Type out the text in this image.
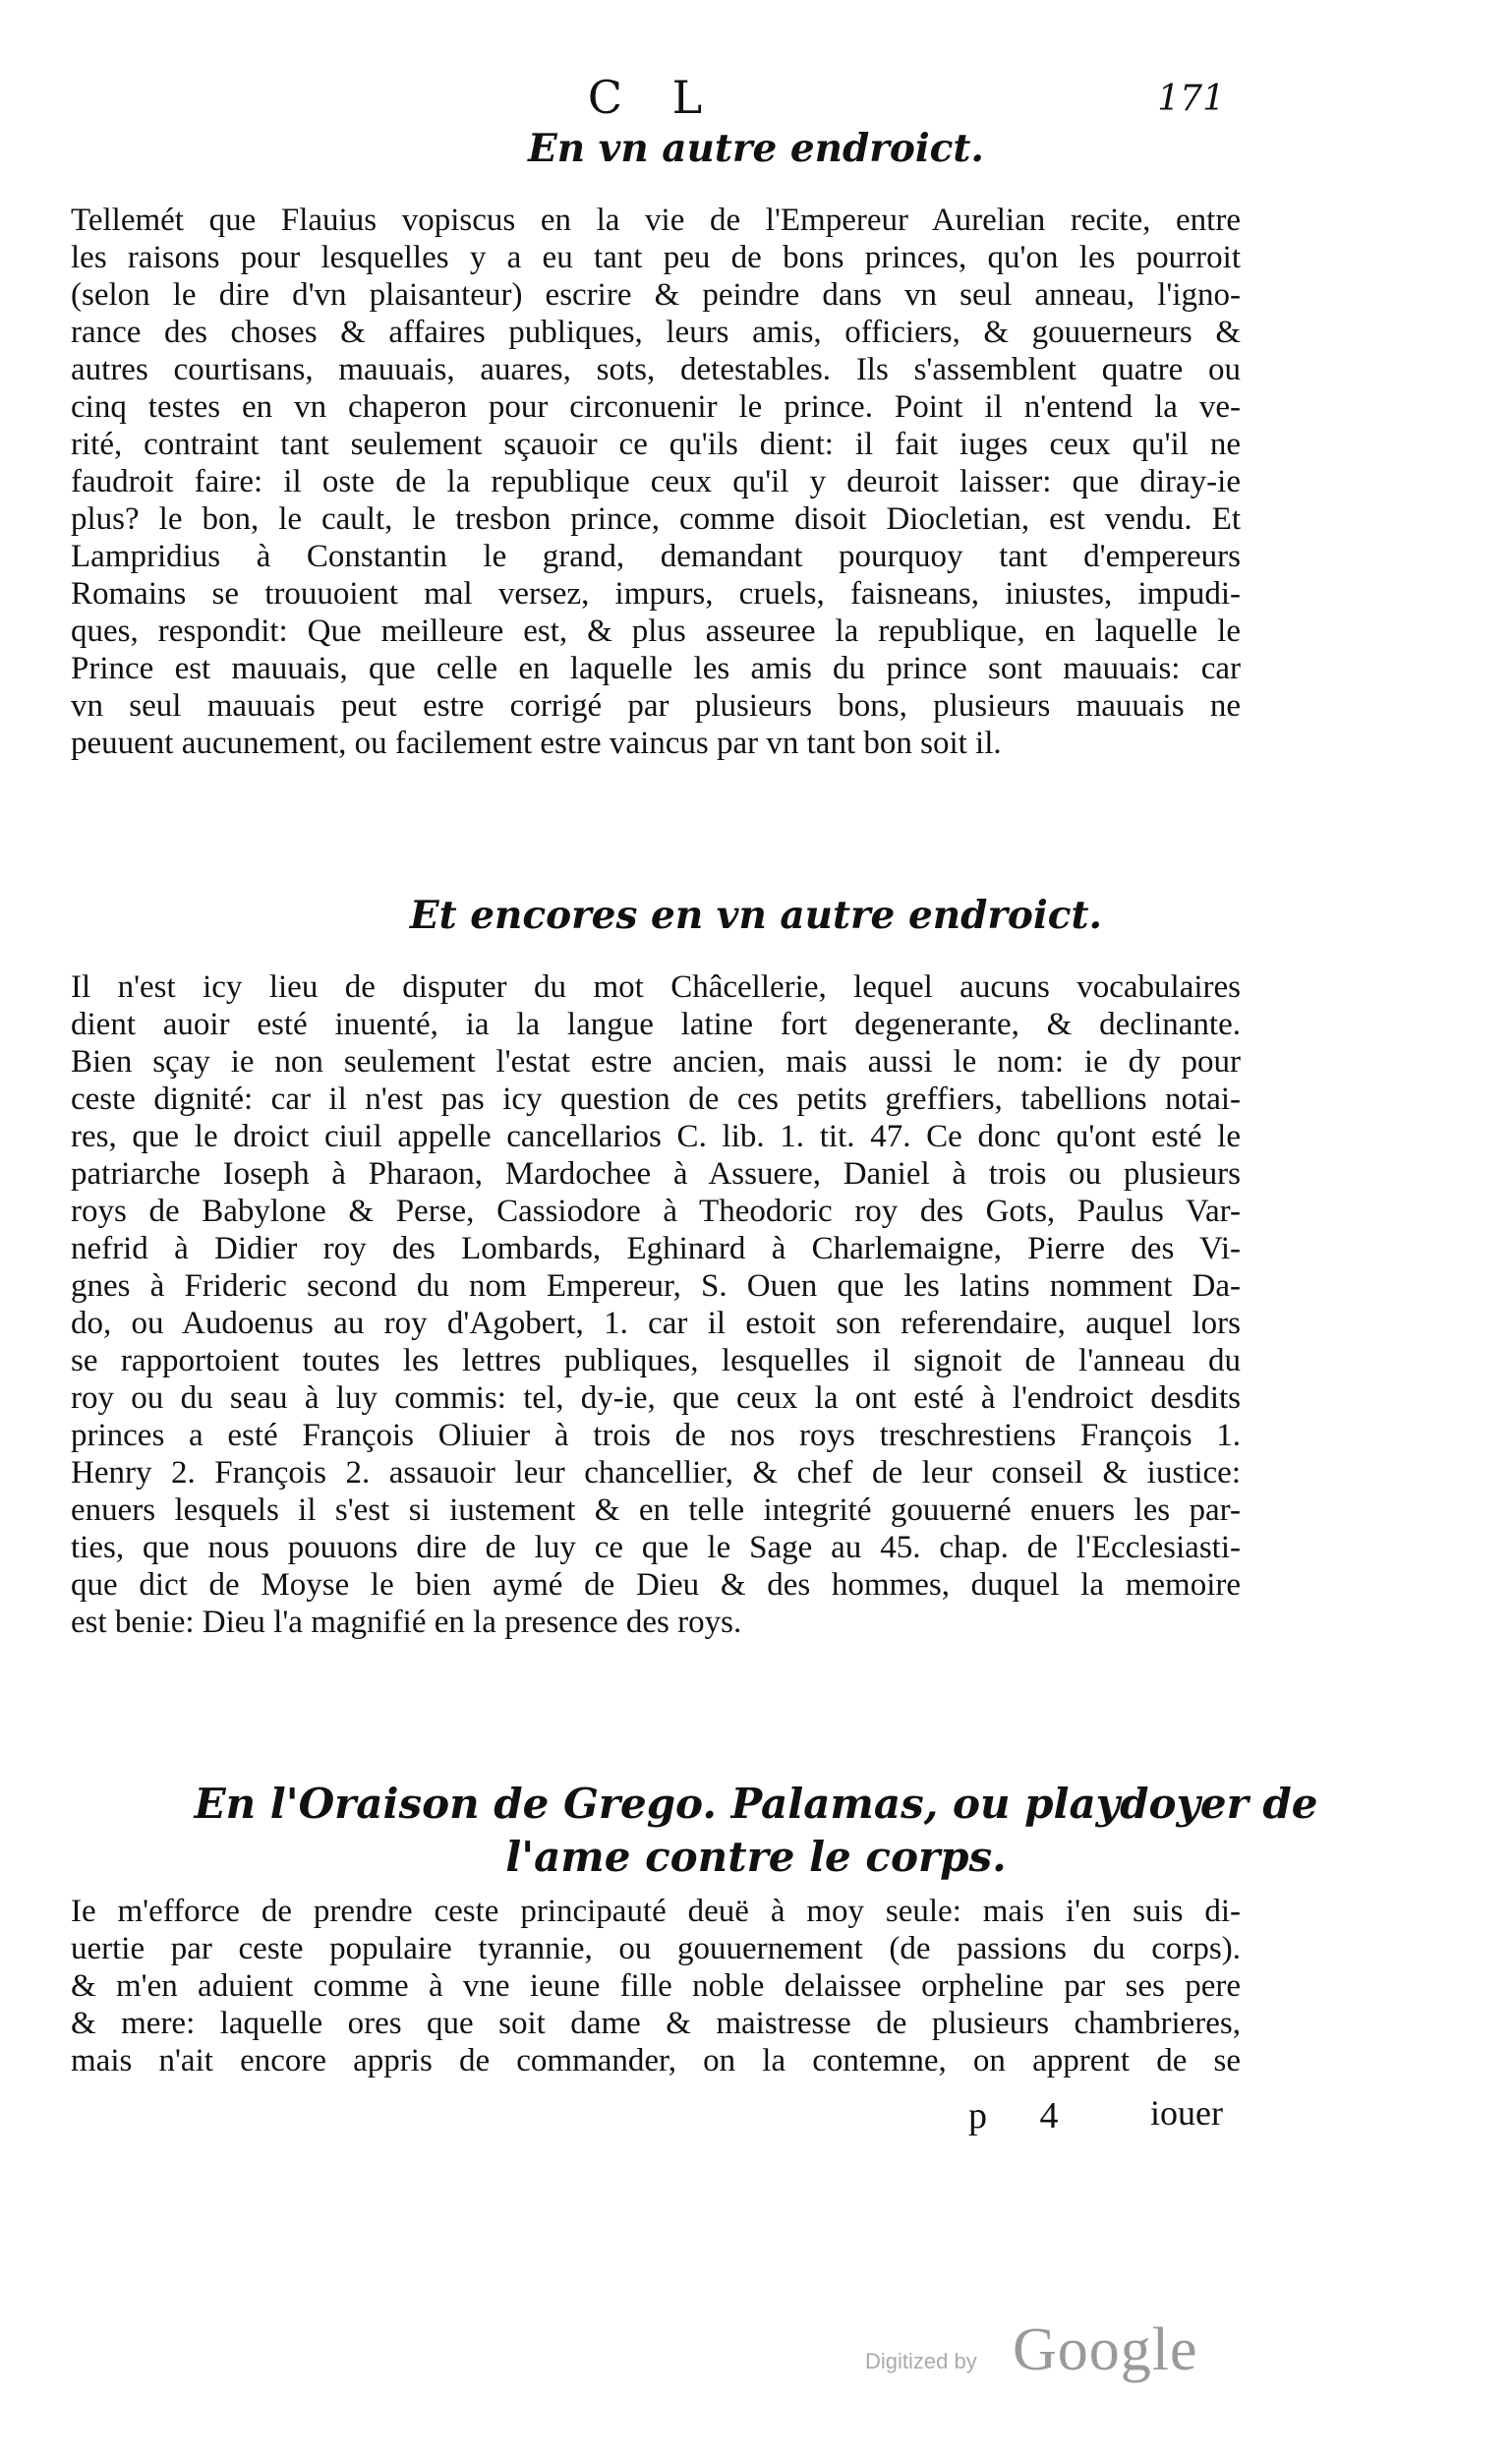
C L	171
En vn autre endroict.
Tellemét que Flauius vopiscus en la vie de l'Empereur Aurelian recite, entre
les raisons pour lesquelles y a eu tant peu de bons princes, qu'on les pourroit
(selon le dire d'vn plaisanteur) escrire & peindre dans vn seul anneau, l'igno-
rance des choses & affaires publiques, leurs amis, officiers, & gouuerneurs &
autres courtisans, mauuais, auares, sots, detestables. Ils s'assemblent quatre ou
cinq testes en vn chaperon pour circonuenir le prince. Point il n'entend la ve-
rité, contraint tant seulement sçauoir ce qu'ils dient: il fait iuges ceux qu'il ne
faudroit faire: il oste de la republique ceux qu'il y deuroit laisser: que diray-ie
plus? le bon, le cault, le tresbon prince, comme disoit Diocletian, est vendu. Et
Lampridius à Constantin le grand, demandant pourquoy tant d'empereurs
Romains se trouuoient mal versez, impurs, cruels, faisneans, iniustes, impudi-
ques, respondit: Que meilleure est, & plus asseuree la republique, en laquelle le
Prince est mauuais, que celle en laquelle les amis du prince sont mauuais: car
vn seul mauuais peut estre corrigé par plusieurs bons, plusieurs mauuais ne
peuuent aucunement, ou facilement estre vaincus par vn tant bon soit il.
Et encores en vn autre endroict.
Il n'est icy lieu de disputer du mot Châcellerie, lequel aucuns vocabulaires
dient auoir esté inuenté, ia la langue latine fort degenerante, & declinante.
Bien sçay ie non seulement l'estat estre ancien, mais aussi le nom: ie dy pour
ceste dignité: car il n'est pas icy question de ces petits greffiers, tabellions notai-
res, que le droict ciuil appelle cancellarios C. lib. 1. tit. 47. Ce donc qu'ont esté le
patriarche Ioseph à Pharaon, Mardochee à Assuere, Daniel à trois ou plusieurs
roys de Babylone & Perse, Cassiodore à Theodoric roy des Gots, Paulus Var-
nefrid à Didier roy des Lombards, Eghinard à Charlemaigne, Pierre des Vi-
gnes à Frideric second du nom Empereur, S. Ouen que les latins nomment Da-
do, ou Audoenus au roy d'Agobert, 1. car il estoit son referendaire, auquel lors
se rapportoient toutes les lettres publiques, lesquelles il signoit de l'anneau du
roy ou du seau à luy commis: tel, dy-ie, que ceux la ont esté à l'endroict desdits
princes a esté François Oliuier à trois de nos roys treschrestiens François 1.
Henry 2. François 2. assauoir leur chancellier, & chef de leur conseil & iustice:
enuers lesquels il s'est si iustement & en telle integrité gouuerné enuers les par-
ties, que nous pouuons dire de luy ce que le Sage au 45. chap. de l'Ecclesiasti-
que dict de Moyse le bien aymé de Dieu & des hommes, duquel la memoire
est benie: Dieu l'a magnifié en la presence des roys.
En l'Oraison de Grego. Palamas, ou playdoyer de
l'ame contre le corps.
Ie m'efforce de prendre ceste principauté deuë à moy seule: mais i'en suis di-
uertie par ceste populaire tyrannie, ou gouuernement (de passions du corps).
& m'en aduient comme à vne ieune fille noble delaissee orpheline par ses pere
& mere: laquelle ores que soit dame & maistresse de plusieurs chambrieres,
mais n'ait encore appris de commander, on la contemne, on apprent de se
p 4 iouer
Digitized by Google
